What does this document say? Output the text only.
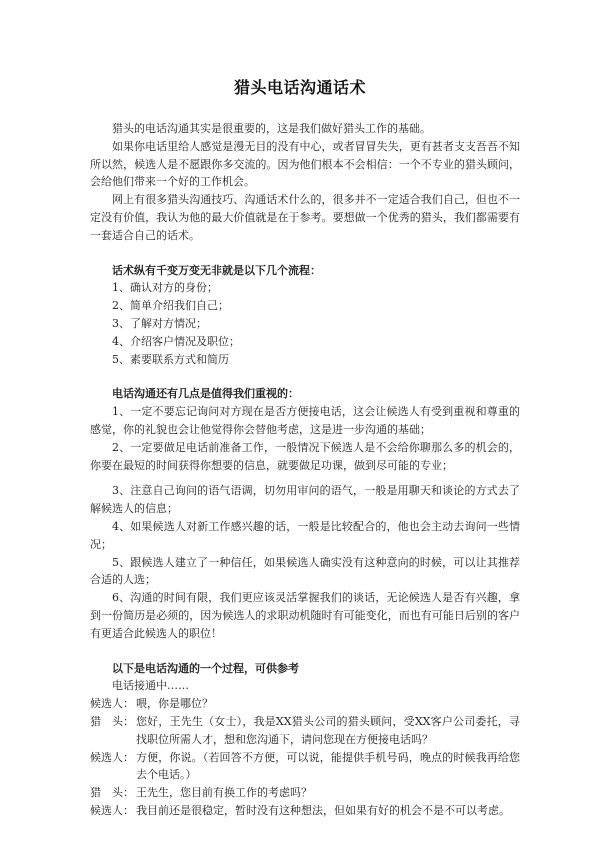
猎头电话沟通话术

猎头的电话沟通其实是很重要的，这是我们做好猎头工作的基础。

如果你电话里给人感觉是漫无目的没有中心，或者冒冒失失，更有甚者支支吾吾不知所以然，候选人是不愿跟你多交流的。因为他们根本不会相信：一个不专业的猎头顾问，会给他们带来一个好的工作机会。

网上有很多猎头沟通技巧、沟通话术什么的，很多并不一定适合我们自己，但也不一定没有价值，我认为他的最大价值就是在于参考。要想做一个优秀的猎头，我们都需要有一套适合自己的话术。

话术纵有千变万变无非就是以下几个流程：

1、确认对方的身份；

2、简单介绍我们自己；

3、了解对方情况；

4、介绍客户情况及职位；

5、素要联系方式和简历

电话沟通还有几点是值得我们重视的：

1、一定不要忘记询问对方现在是否方便接电话，这会让候选人有受到重视和尊重的感觉，你的礼貌也会让他觉得你会替他考虑，这是进一步沟通的基础；

2、一定要做足电话前准备工作，一般情况下候选人是不会给你聊那么多的机会的，你要在最短的时间获得你想要的信息，就要做足功课，做到尽可能的专业；

3、注意自己询问的语气语调，切勿用审问的语气，一般是用聊天和谈论的方式去了解候选人的信息；

4、如果候选人对新工作感兴趣的话，一般是比较配合的，他也会主动去询问一些情况；

5、跟候选人建立了一种信任，如果候选人确实没有这种意向的时候，可以让其推荐合适的人选；

6、沟通的时间有限，我们更应该灵活掌握我们的谈话，无论候选人是否有兴趣，拿到一份简历是必须的，因为候选人的求职动机随时有可能变化，而也有可能日后别的客户有更适合此候选人的职位！

以下是电话沟通的一个过程，可供参考

电话接通中……

候选人： 喂，你是哪位？
猎　头： 您好，王先生（女士），我是XX猎头公司的猎头顾问，受XX客户公司委托，寻找职位所需人才，想和您沟通下，请问您现在方便接电话吗？
候选人： 方便，你说。（若回答不方便，可以说，能提供手机号码，晚点的时候我再给您去个电话。）
猎　头： 王先生，您目前有换工作的考虑吗？
候选人： 我目前还是很稳定，暂时没有这种想法，但如果有好的机会不是不可以考虑。
